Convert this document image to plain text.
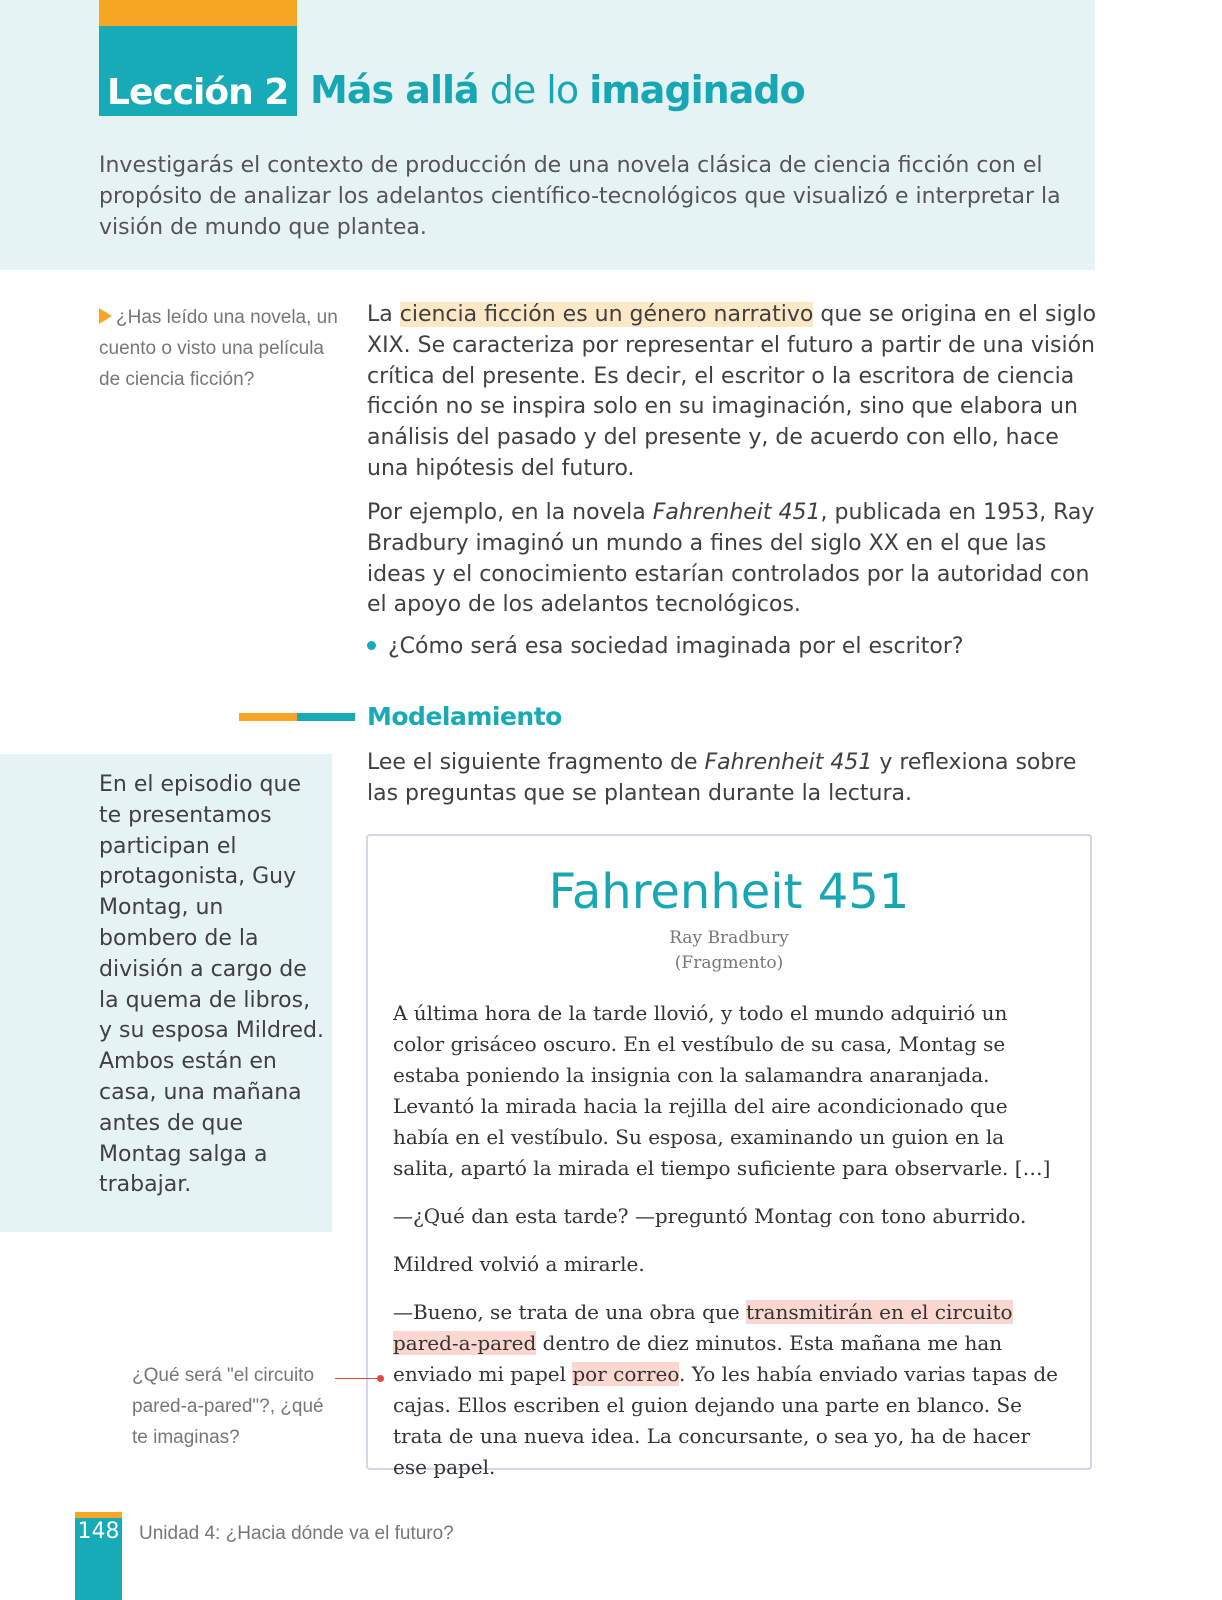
Lección 2 Más allá de lo imaginado

Investigarás el contexto de producción de una novela clásica de ciencia ficción con el propósito de analizar los adelantos científico-tecnológicos que visualizó e interpretar la visión de mundo que plantea.

¿Has leído una novela, un cuento o visto una película de ciencia ficción?

La ciencia ficción es un género narrativo que se origina en el siglo XIX. Se caracteriza por representar el futuro a partir de una visión crítica del presente. Es decir, el escritor o la escritora de ciencia ficción no se inspira solo en su imaginación, sino que elabora un análisis del pasado y del presente y, de acuerdo con ello, hace una hipótesis del futuro.

Por ejemplo, en la novela Fahrenheit 451, publicada en 1953, Ray Bradbury imaginó un mundo a fines del siglo XX en el que las ideas y el conocimiento estarían controlados por la autoridad con el apoyo de los adelantos tecnológicos.

¿Cómo será esa sociedad imaginada por el escritor?
Modelamiento

Lee el siguiente fragmento de Fahrenheit 451 y reflexiona sobre las preguntas que se plantean durante la lectura.

En el episodio que te presentamos participan el protagonista, Guy Montag, un bombero de la división a cargo de la quema de libros, y su esposa Mildred. Ambos están en casa, una mañana antes de que Montag salga a trabajar.

Fahrenheit 451
Ray Bradbury
(Fragmento)

A última hora de la tarde llovió, y todo el mundo adquirió un color grisáceo oscuro. En el vestíbulo de su casa, Montag se estaba poniendo la insignia con la salamandra anaranjada. Levantó la mirada hacia la rejilla del aire acondicionado que había en el vestíbulo. Su esposa, examinando un guion en la salita, apartó la mirada el tiempo suficiente para observarle. […]

—¿Qué dan esta tarde? —preguntó Montag con tono aburrido.

Mildred volvió a mirarle.

—Bueno, se trata de una obra que transmitirán en el circuito pared-a-pared dentro de diez minutos. Esta mañana me han enviado mi papel por correo. Yo les había enviado varias tapas de cajas. Ellos escriben el guion dejando una parte en blanco. Se trata de una nueva idea. La concursante, o sea yo, ha de hacer ese papel.

¿Qué será "el circuito pared-a-pared"?, ¿qué te imaginas?

148 Unidad 4: ¿Hacia dónde va el futuro?
